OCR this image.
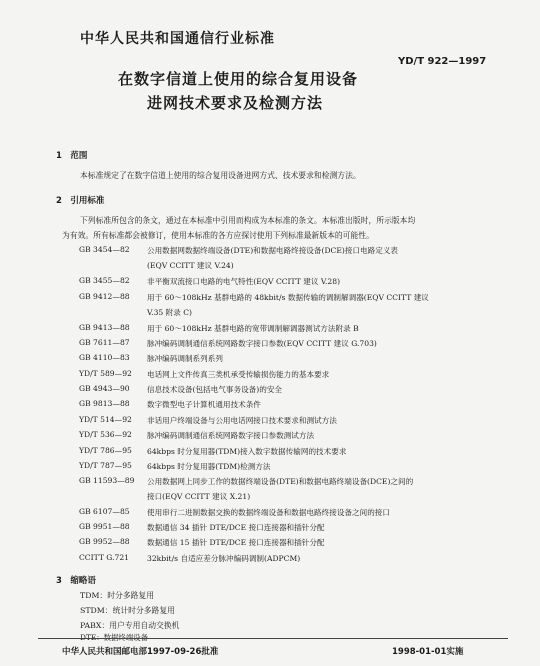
中华人民共和国通信行业标准
YD/T 922—1997
在数字信道上使用的综合复用设备
进网技术要求及检测方法
1　范围
本标准规定了在数字信道上使用的综合复用设备进网方式、技术要求和检测方法。
2　引用标准
下列标准所包含的条文，通过在本标准中引用而构成为本标准的条文。本标准出版时，所示版本均
为有效。所有标准都会被修订，使用本标准的各方应探讨使用下列标准最新版本的可能性。
GB 3454—82 公用数据网数据终端设备(DTE)和数据电路终接设备(DCE)接口电路定义表
(EQV CCITT 建议 V.24)
GB 3455—82 非平衡双流接口电路的电气特性(EQV CCITT 建议 V.28)
GB 9412—88 用于 60～108kHz 基群电路的 48kbit/s 数据传输的调制解调器(EQV CCITT 建议
V.35 附录 C)
GB 9413—88 用于 60～108kHz 基群电路的宽带调制解调器测试方法附录 B
GB 7611—87 脉冲编码调制通信系统网路数字接口参数(EQV CCITT 建议 G.703)
GB 4110—83 脉冲编码调制系列系列
YD/T 589—92 电话网上文件传真三类机承受传输损伤能力的基本要求
GB 4943—90 信息技术设备(包括电气事务设备)的安全
GB 9813—88 数字微型电子计算机通用技术条件
YD/T 514—92 非话用户终端设备与公用电话网接口技术要求和测试方法
YD/T 536—92 脉冲编码调制通信系统网路数字接口参数测试方法
YD/T 786—95 64kbps 时分复用器(TDM)接入数字数据传输网的技术要求
YD/T 787—95 64kbps 时分复用器(TDM)检测方法
GB 11593—89 公用数据网上同步工作的数据终端设备(DTE)和数据电路终端设备(DCE)之间的
接口(EQV CCITT 建议 X.21)
GB 6107—85 使用串行二进制数据交换的数据终端设备和数据电路终接设备之间的接口
GB 9951—88 数据通信 34 插针 DTE/DCE 接口连接器和插针分配
GB 9952—88 数据通信 15 插针 DTE/DCE 接口连接器和插针分配
CCITT G.721 32kbit/s 自适应差分脉冲编码调制(ADPCM)
3　缩略语
TDM：时分多路复用
STDM：统计时分多路复用
PABX：用户专用自动交换机
中华人民共和国邮电部1997-09-26批准	1998-01-01实施
